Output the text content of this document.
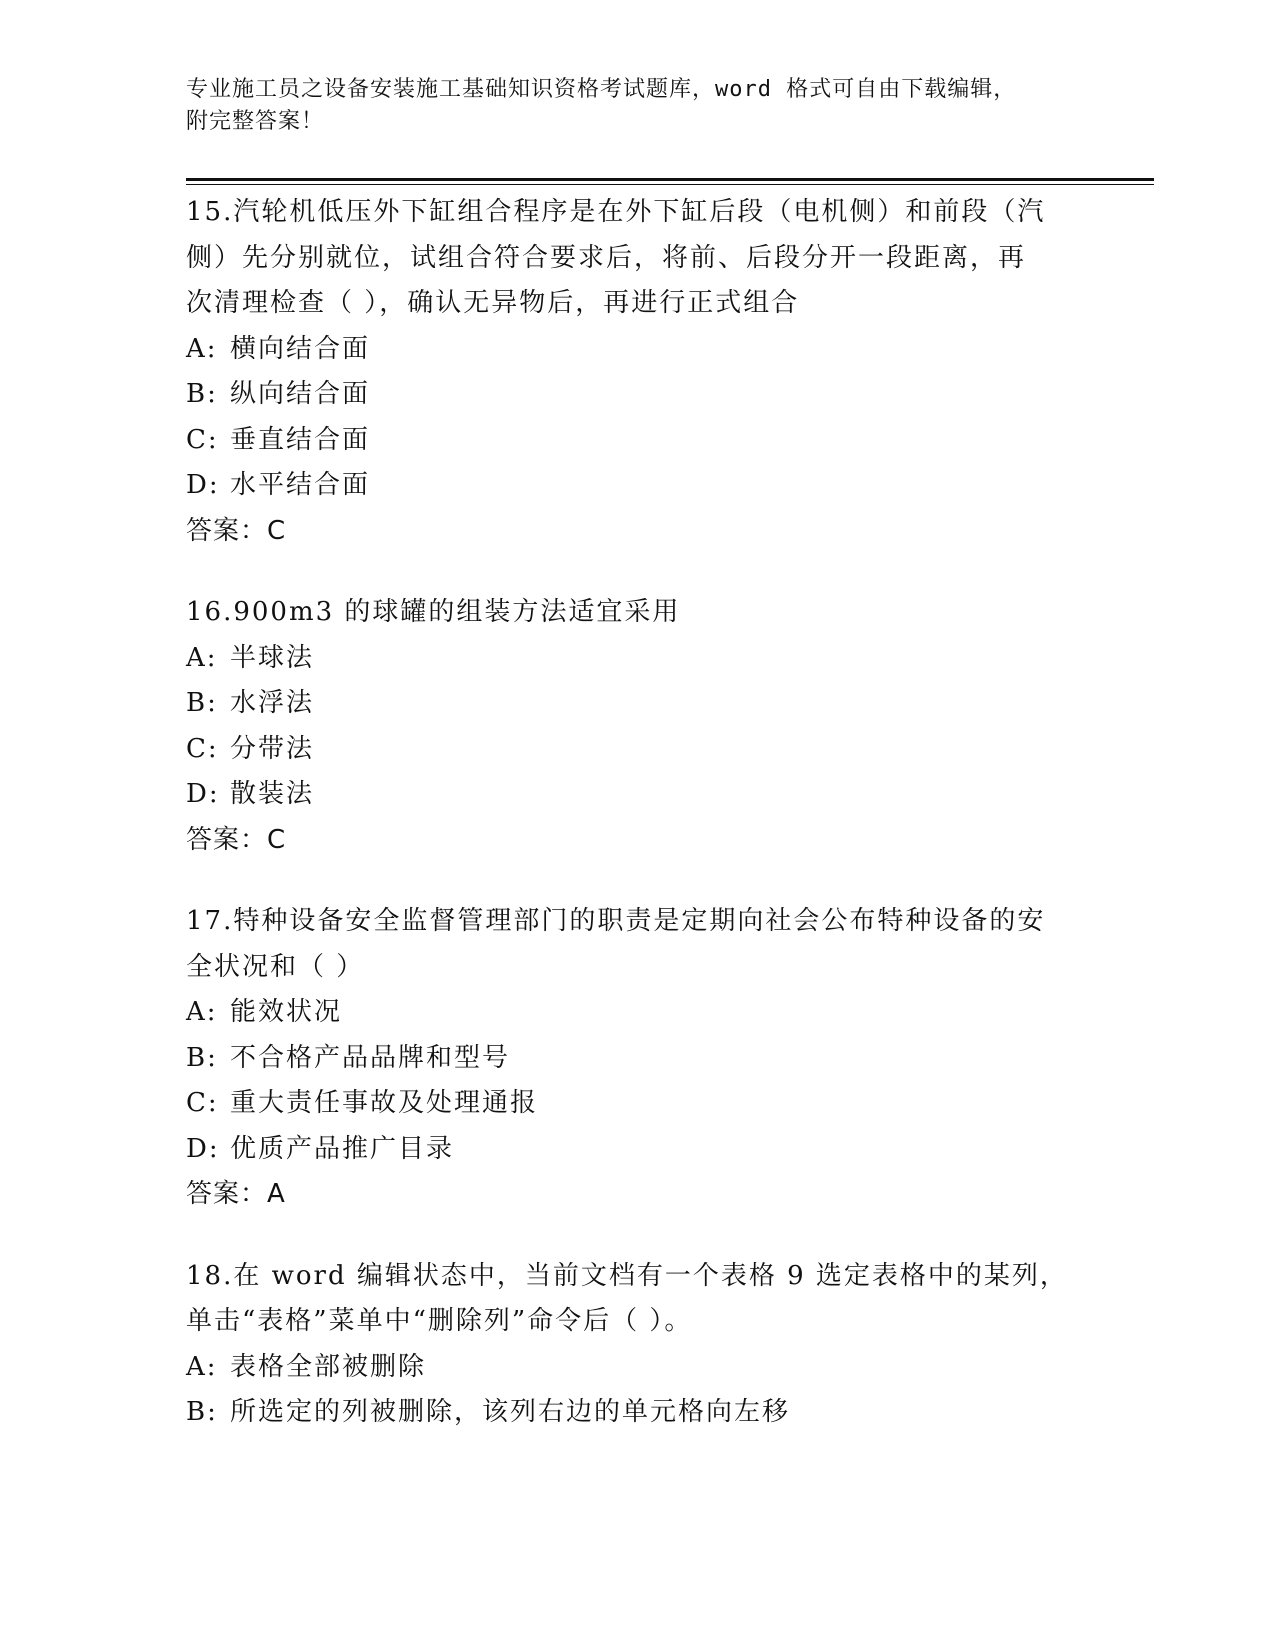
专业施工员之设备安装施工基础知识资格考试题库，word 格式可自由下载编辑，
附完整答案！

15.汽轮机低压外下缸组合程序是在外下缸后段（电机侧）和前段（汽

侧）先分别就位，试组合符合要求后，将前、后段分开一段距离，再

次清理检查（ ），确认无异物后，再进行正式组合

A: 横向结合面

B: 纵向结合面

C: 垂直结合面

D: 水平结合面

答案：C

16.900m3 的球罐的组装方法适宜采用

A: 半球法

B: 水浮法

C: 分带法

D: 散装法

答案：C

17.特种设备安全监督管理部门的职责是定期向社会公布特种设备的安

全状况和（ ）

A: 能效状况

B: 不合格产品品牌和型号

C: 重大责任事故及处理通报

D: 优质产品推广目录

答案：A

18.在 word 编辑状态中，当前文档有一个表格 9 选定表格中的某列，

单击“表格”菜单中“删除列”命令后（ ）。

A: 表格全部被删除

B: 所选定的列被删除，该列右边的单元格向左移
